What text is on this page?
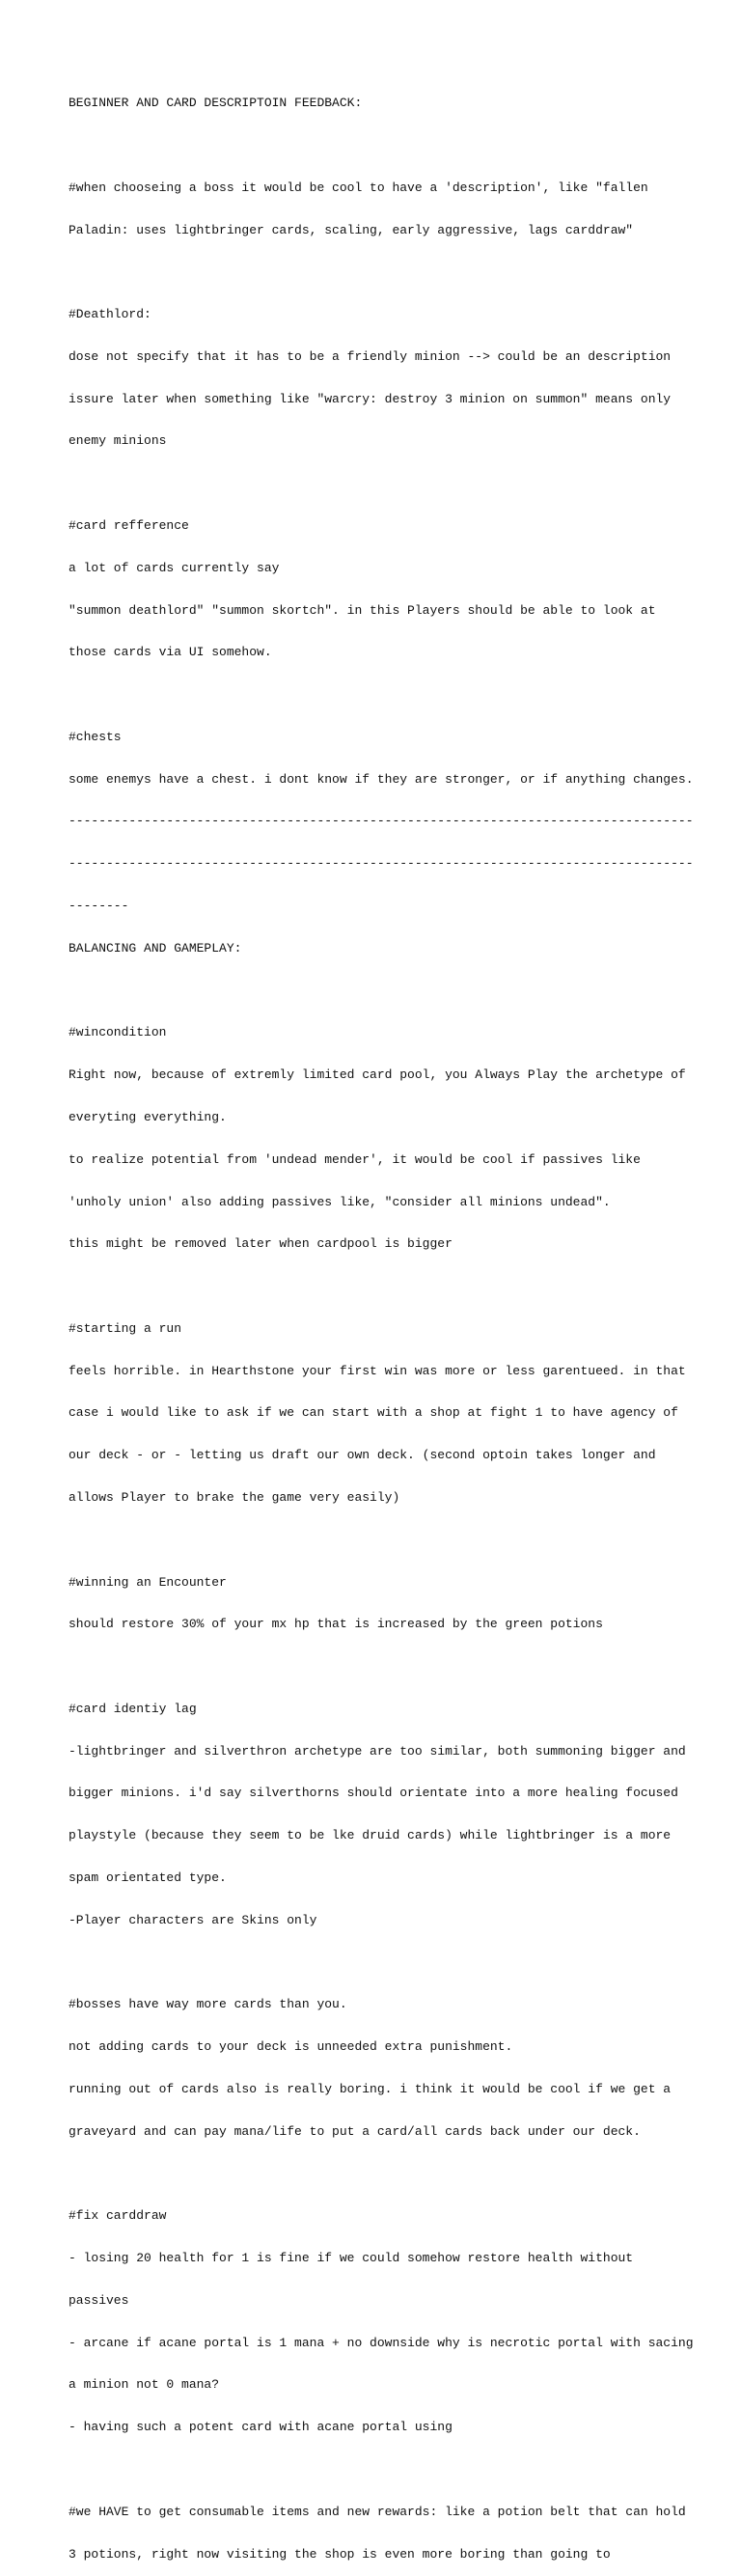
BEGINNER AND CARD DESCRIPTOIN FEEDBACK:

#when chooseing a boss it would be cool to have a 'description', like "fallen

Paladin: uses lightbringer cards, scaling, early aggressive, lags carddraw"

#Deathlord:

dose not specify that it has to be a friendly minion --> could be an description

issure later when something like "warcry: destroy 3 minion on summon" means only

enemy minions

#card refference

a lot of cards currently say

"summon deathlord" "summon skortch". in this Players should be able to look at

those cards via UI somehow.

#chests

some enemys have a chest. i dont know if they are stronger, or if anything changes.

-----------------------------------------------------------------------------------

-----------------------------------------------------------------------------------

--------

BALANCING AND GAMEPLAY:

#wincondition

Right now, because of extremly limited card pool, you Always Play the archetype of

everyting everything.

to realize potential from 'undead mender', it would be cool if passives like

'unholy union' also adding passives like, "consider all minions undead".

this might be removed later when cardpool is bigger

#starting a run

feels horrible. in Hearthstone your first win was more or less garentueed. in that

case i would like to ask if we can start with a shop at fight 1 to have agency of

our deck - or - letting us draft our own deck. (second optoin takes longer and

allows Player to brake the game very easily)

#winning an Encounter

should restore 30% of your mx hp that is increased by the green potions

#card identiy lag

-lightbringer and silverthron archetype are too similar, both summoning bigger and

bigger minions. i'd say silverthorns should orientate into a more healing focused

playstyle (because they seem to be lke druid cards) while lightbringer is a more

spam orientated type.

-Player characters are Skins only

#bosses have way more cards than you.

not adding cards to your deck is unneeded extra punishment.

running out of cards also is really boring. i think it would be cool if we get a

graveyard and can pay mana/life to put a card/all cards back under our deck.

#fix carddraw

- losing 20 health for 1 is fine if we could somehow restore health without

passives

- arcane if acane portal is 1 mana + no downside why is necrotic portal with sacing

a minion not 0 mana?

- having such a potent card with acane portal using

#we HAVE to get consumable items and new rewards: like a potion belt that can hold

3 potions, right now visiting the shop is even more boring than going to
